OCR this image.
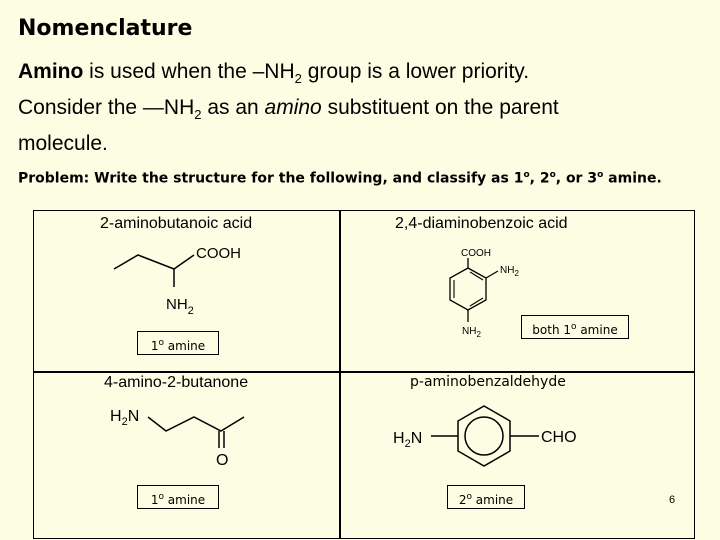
Nomenclature
Amino is used when the $-NH_2$ group is a lower priority.
Consider the $—NH_2$ as an amino substituent on the parent
molecule.
Problem: Write the structure for the following, and classify as 1$^o$, 2$^o$, or 3$^o$ amine.
2-aminobutanoic acid
COOH
$NH_2$
1$^o$ amine
2,4-diaminobenzoic acid
COOH
$NH_2$
$NH_2$	both 1$^o$ amine
4-amino-2-butanone
$H_2N$
O
1$^o$ amine
p-aminobenzaldehyde
$H_2N$	CHO
2$^o$ amine	6
